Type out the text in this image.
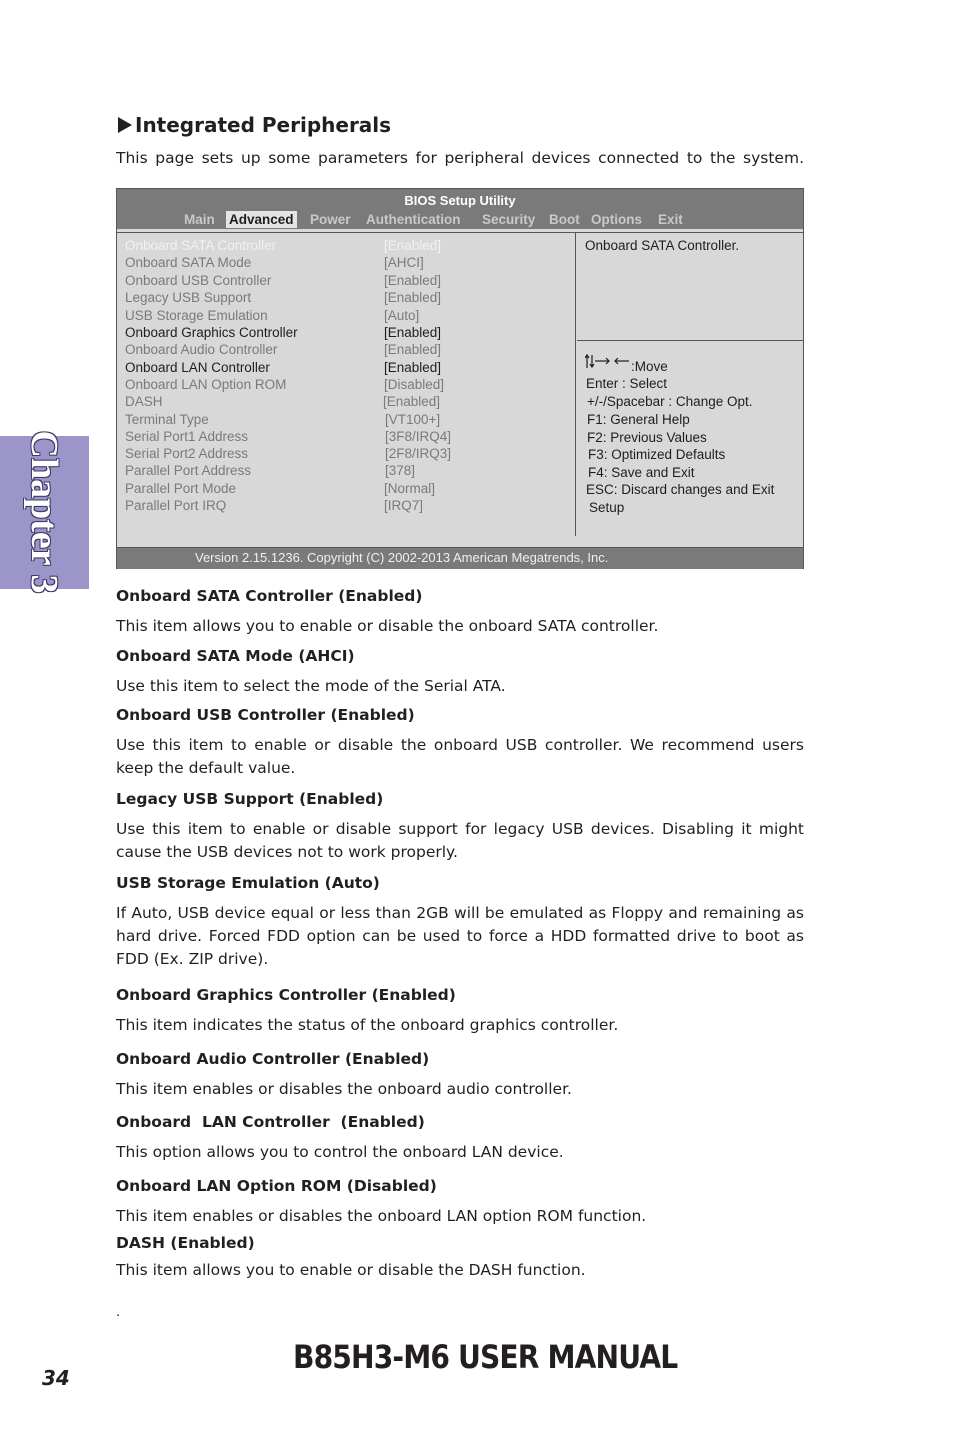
Chapter 3
Integrated Peripherals
This page sets up some parameters for peripheral devices connected to the system.
BIOS Setup Utility
Main Advanced Power Authentication Security Boot Options Exit
Onboard SATA Controller	[Enabled]
Onboard SATA Mode	[AHCI]
Onboard USB Controller	[Enabled]
Legacy USB Support	[Enabled]
USB Storage Emulation	[Auto]
Onboard Graphics Controller	[Enabled]
Onboard Audio Controller	[Enabled]
Onboard LAN Controller	[Enabled]
Onboard LAN Option ROM	[Disabled]
DASH	[Enabled]
Terminal Type	[VT100+]
Serial Port1 Address	[3F8/IRQ4]
Serial Port2 Address	[2F8/IRQ3]
Parallel Port Address	[378]
Parallel Port Mode	[Normal]
Parallel Port IRQ	[IRQ7]
Onboard SATA Controller.
:Move
Enter : Select
+/-/Spacebar : Change Opt.
F1: General Help
F2: Previous Values
F3: Optimized Defaults
F4: Save and Exit
ESC: Discard changes and Exit
Setup
Version 2.15.1236. Copyright (C) 2002-2013 American Megatrends, Inc.
Onboard SATA Controller (Enabled)
This item allows you to enable or disable the onboard SATA controller.
Onboard SATA Mode (AHCI)
Use this item to select the mode of the Serial ATA.
Onboard USB Controller (Enabled)
Use this item to enable or disable the onboard USB controller. We recommend users keep the default value.
Legacy USB Support (Enabled)
Use this item to enable or disable support for legacy USB devices. Disabling it might cause the USB devices not to work properly.
USB Storage Emulation (Auto)
If Auto, USB device equal or less than 2GB will be emulated as Floppy and remaining as hard drive. Forced FDD option can be used to force a HDD formatted drive to boot as FDD (Ex. ZIP drive).
Onboard Graphics Controller (Enabled)
This item indicates the status of the onboard graphics controller.
Onboard Audio Controller (Enabled)
This item enables or disables the onboard audio controller.
Onboard  LAN Controller  (Enabled)
This option allows you to control the onboard LAN device.
Onboard LAN Option ROM (Disabled)
This item enables or disables the onboard LAN option ROM function.
DASH (Enabled)
This item allows you to enable or disable the DASH function.
.
34
B85H3-M6 USER MANUAL
